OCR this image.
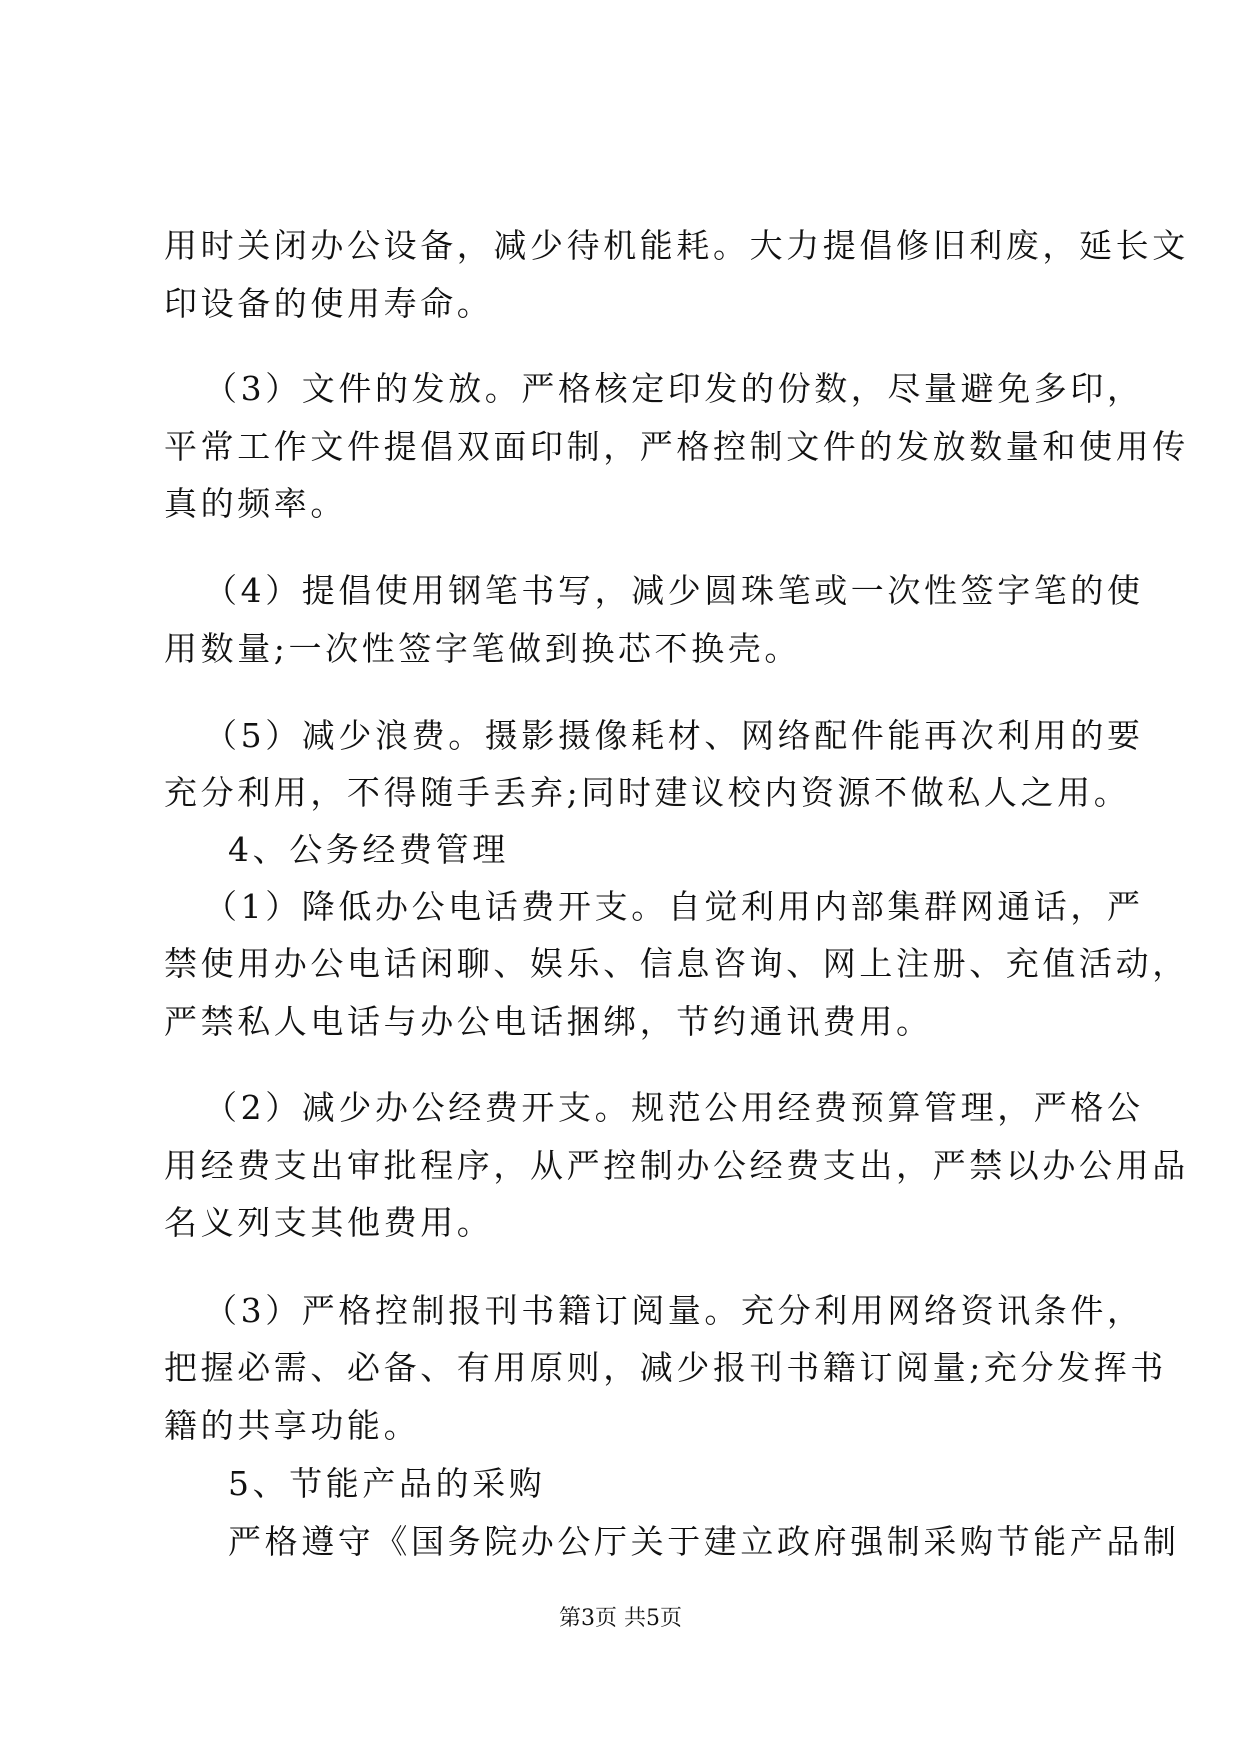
用时关闭办公设备，减少待机能耗。大力提倡修旧利废，延长文
印设备的使用寿命。
（3）文件的发放。严格核定印发的份数，尽量避免多印，
平常工作文件提倡双面印制，严格控制文件的发放数量和使用传
真的频率。
（4）提倡使用钢笔书写，减少圆珠笔或一次性签字笔的使
用数量;一次性签字笔做到换芯不换壳。
（5）减少浪费。摄影摄像耗材、网络配件能再次利用的要
充分利用，不得随手丢弃;同时建议校内资源不做私人之用。
4、公务经费管理
（1）降低办公电话费开支。自觉利用内部集群网通话，严
禁使用办公电话闲聊、娱乐、信息咨询、网上注册、充值活动，
严禁私人电话与办公电话捆绑，节约通讯费用。
（2）减少办公经费开支。规范公用经费预算管理，严格公
用经费支出审批程序，从严控制办公经费支出，严禁以办公用品
名义列支其他费用。
（3）严格控制报刊书籍订阅量。充分利用网络资讯条件，
把握必需、必备、有用原则，减少报刊书籍订阅量;充分发挥书
籍的共享功能。
5、节能产品的采购
严格遵守《国务院办公厅关于建立政府强制采购节能产品制
第3页 共5页
